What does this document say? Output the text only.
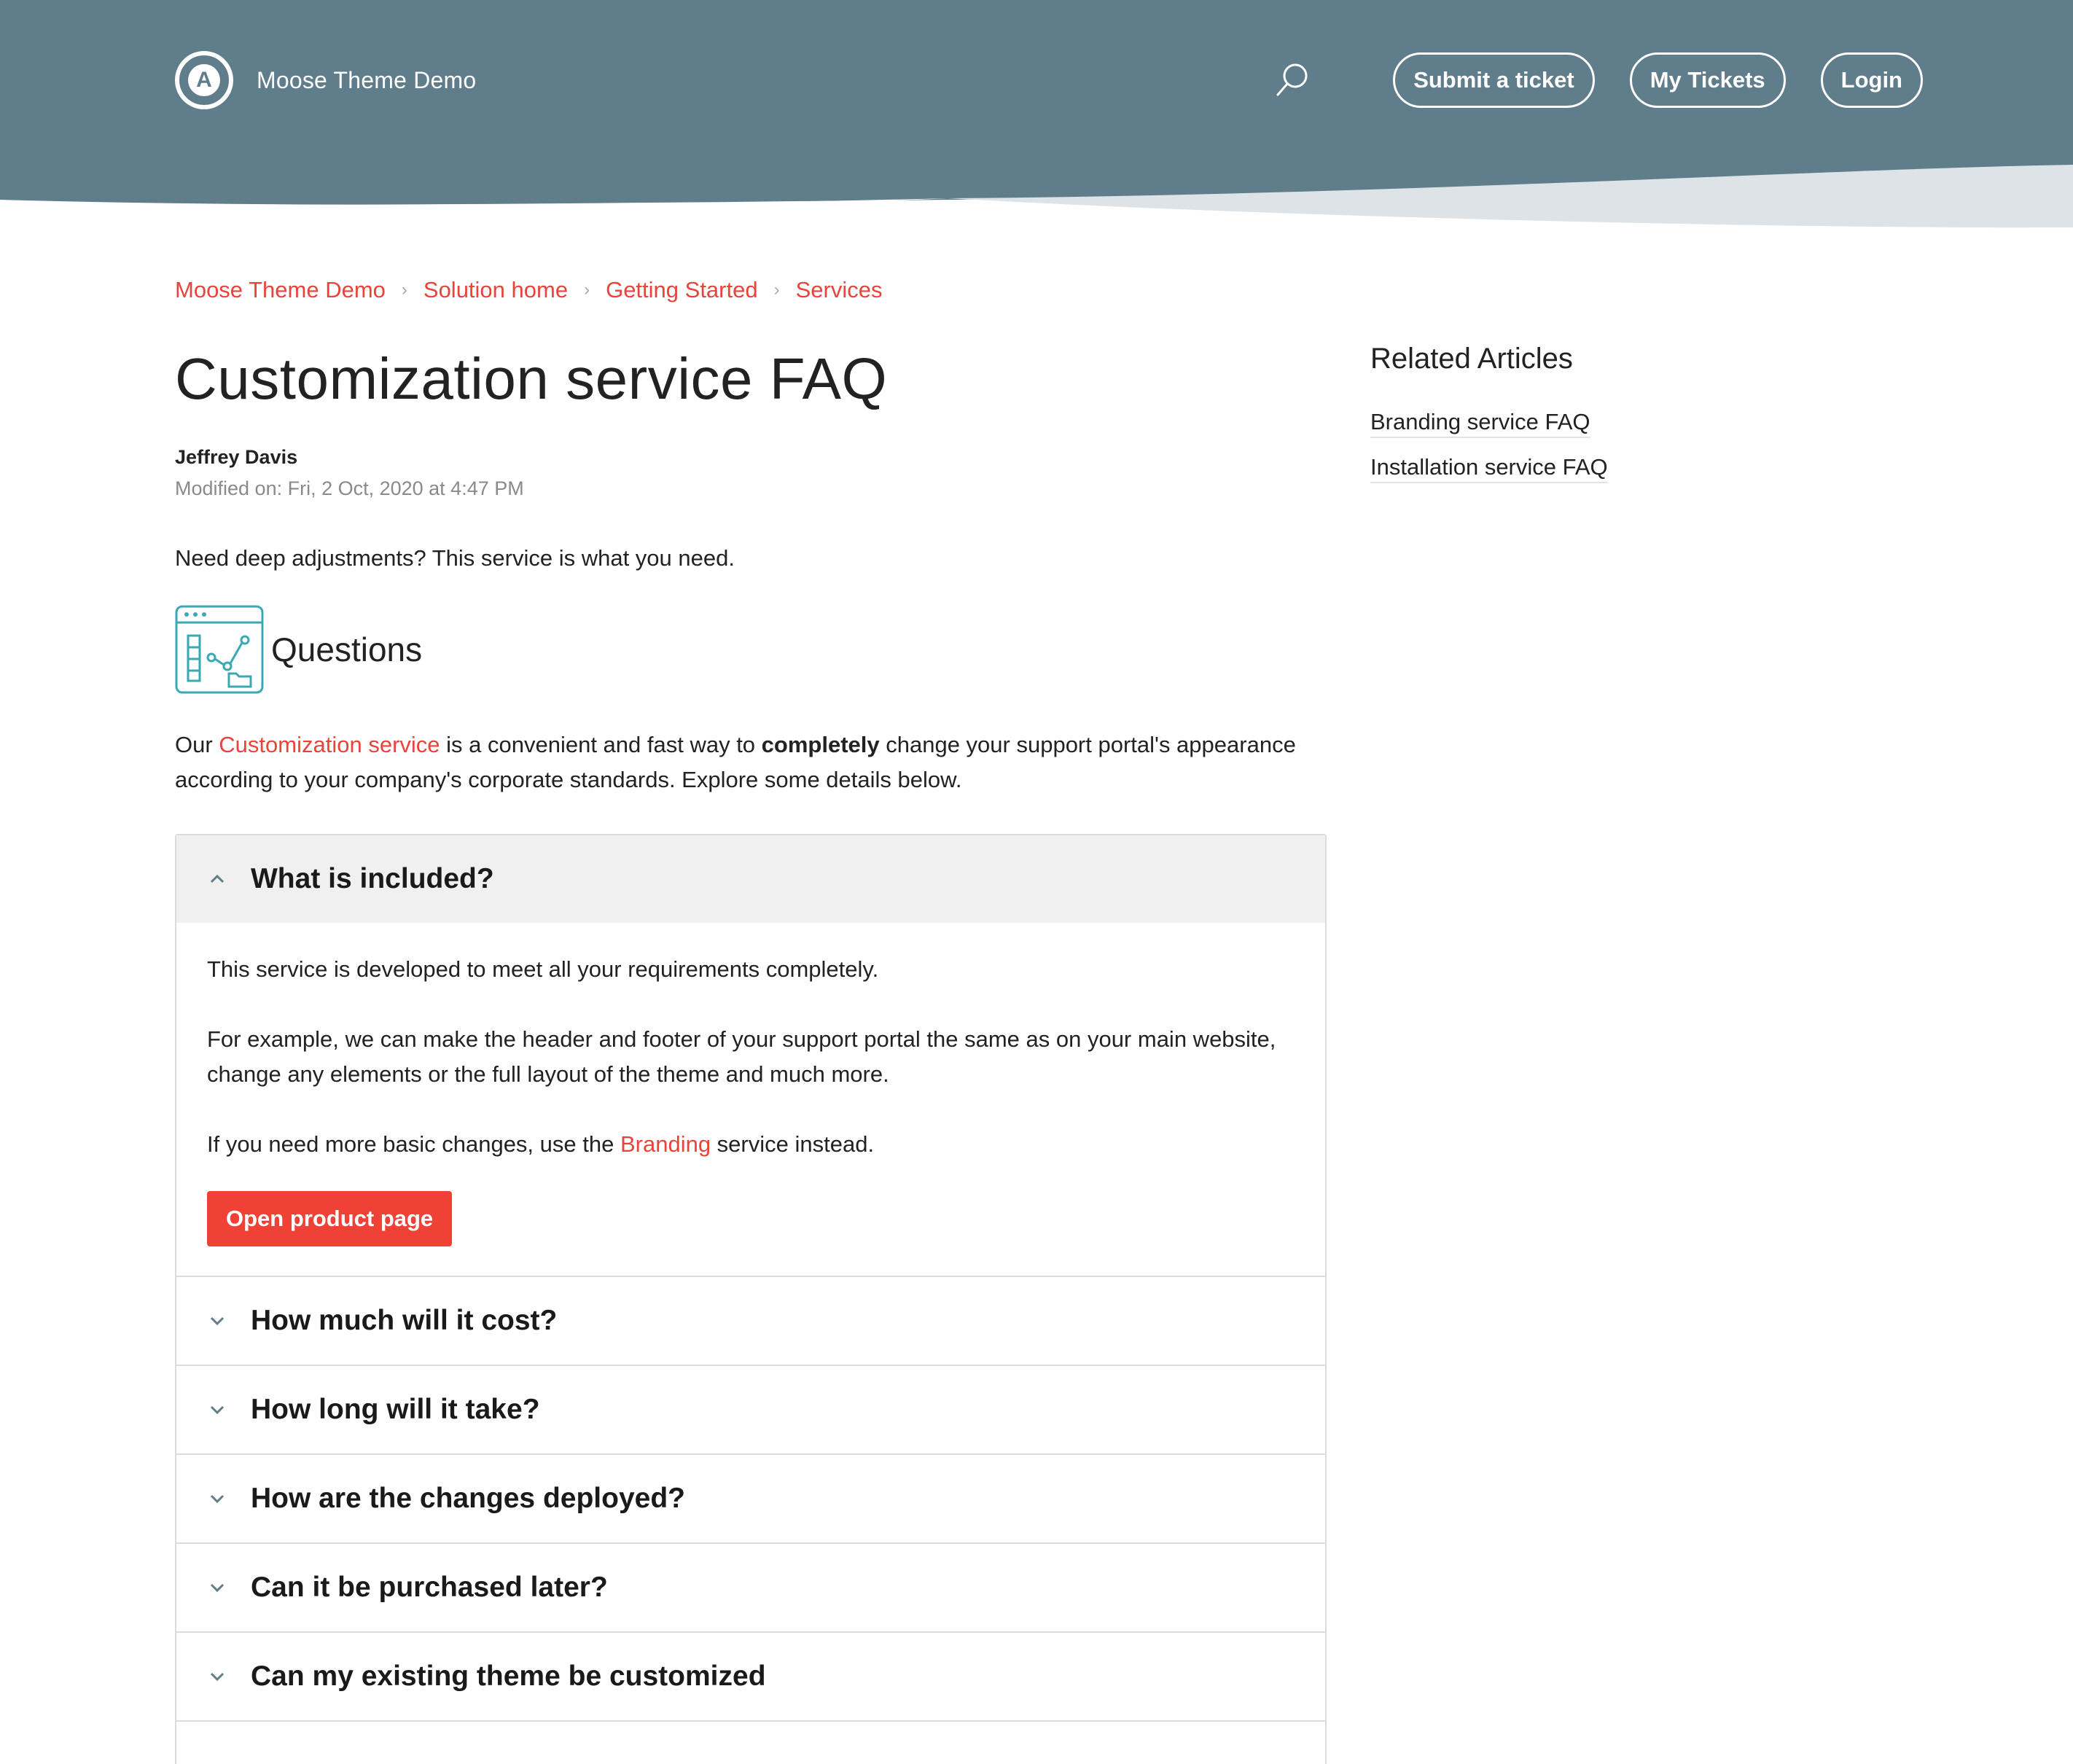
A	Moose Theme Demo	Submit a ticket	My Tickets	Login
Moose Theme Demo › Solution home › Getting Started › Services
Customization service FAQ
Jeffrey Davis
Modified on: Fri, 2 Oct, 2020 at 4:47 PM

Need deep adjustments? This service is what you need.

Questions

Our Customization service is a convenient and fast way to completely change your support portal's appearance according to your company's corporate standards. Explore some details below.

What is included?

This service is developed to meet all your requirements completely.

For example, we can make the header and footer of your support portal the same as on your main website, change any elements or the full layout of the theme and much more.

If you need more basic changes, use the Branding service instead.

Open product page
How much will it cost?
How long will it take?
How are the changes deployed?
Can it be purchased later?
Can my existing theme be customized
Related Articles
Branding service FAQ
Installation service FAQ
